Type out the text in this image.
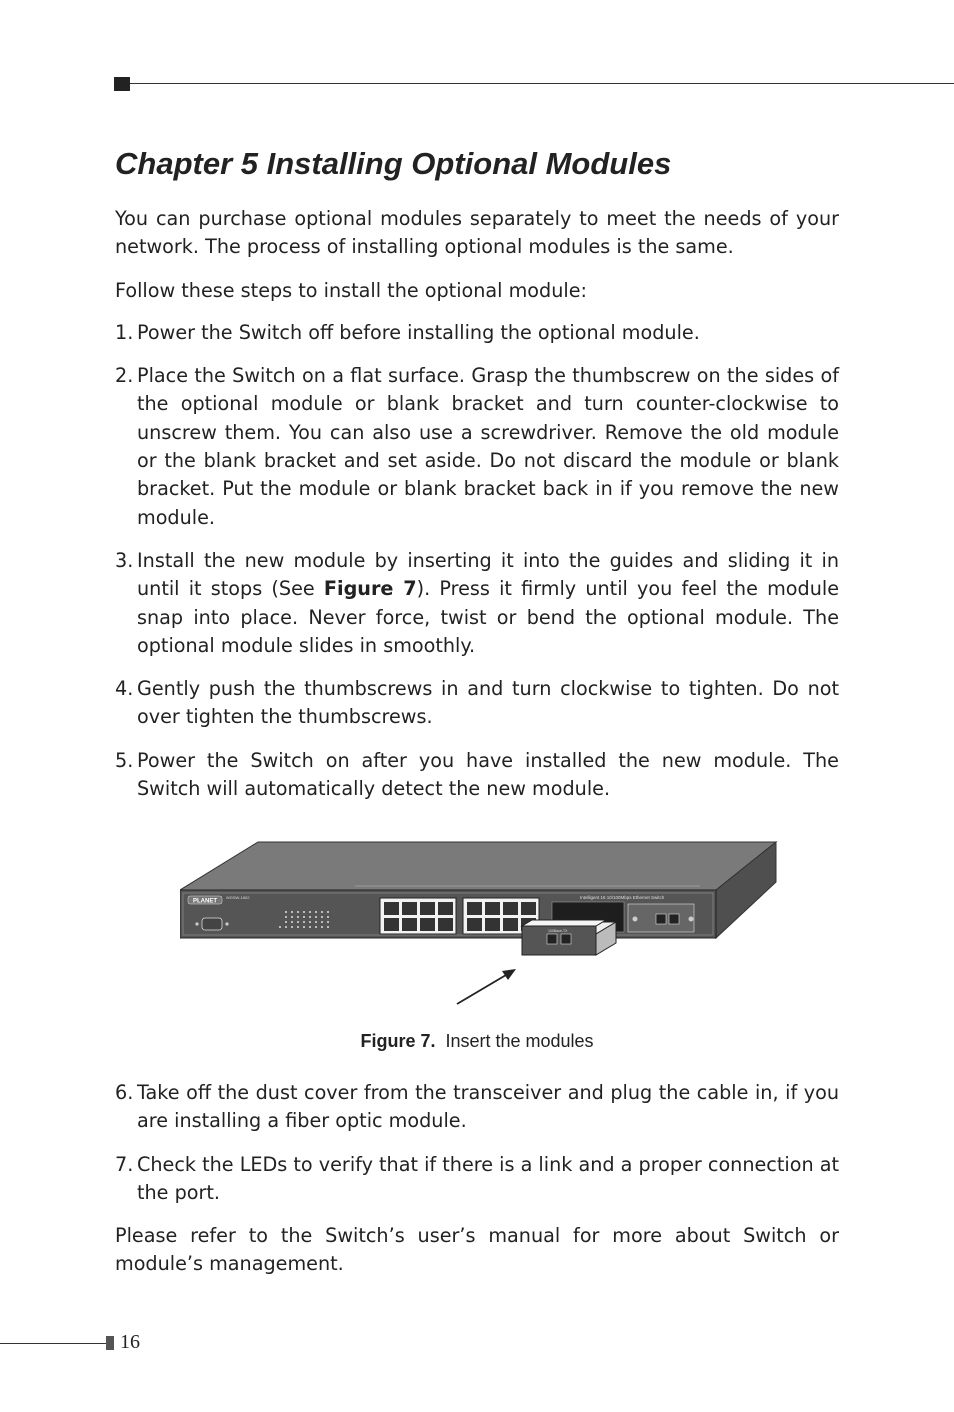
Chapter 5 Installing Optional Modules

You can purchase optional modules separately to meet the needs of your network. The process of installing optional modules is the same.

Follow these steps to install the optional module:

1. Power the Switch off before installing the optional module.
2. Place the Switch on a flat surface. Grasp the thumbscrew on the sides of the optional module or blank bracket and turn counter-clockwise to unscrew them. You can also use a screwdriver. Remove the old module or the blank bracket and set aside. Do not discard the module or blank bracket. Put the module or blank bracket back in if you remove the new module.
3. Install the new module by inserting it into the guides and sliding it in until it stops (See Figure 7). Press it firmly until you feel the module snap into place. Never force, twist or bend the optional module. The optional module slides in smoothly.
4. Gently push the thumbscrews in and turn clockwise to tighten. Do not over tighten the thumbscrews.
5. Power the Switch on after you have installed the new module. The Switch will automatically detect the new module.
PLANET
WGSW-1602	Intelligent 16 10/100Mbps Ethernet Switch
100Base-TX
Figure 7. Insert the modules
6. Take off the dust cover from the transceiver and plug the cable in, if you are installing a fiber optic module.
7. Check the LEDs to verify that if there is a link and a proper connection at the port.

Please refer to the Switch’s user’s manual for more about Switch or module’s management.

16
